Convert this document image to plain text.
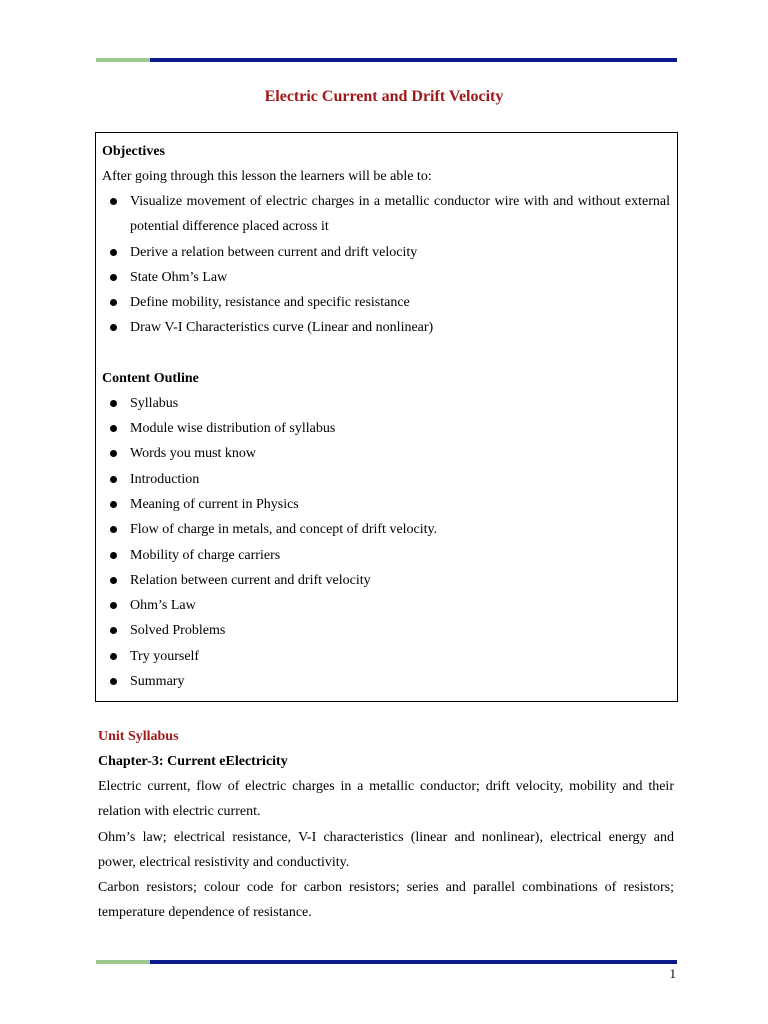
Electric Current and Drift Velocity
Objectives
After going through this lesson the learners will be able to:
Visualize movement of electric charges in a metallic conductor wire with and without external potential difference placed across it
Derive a relation between current and drift velocity
State Ohm’s Law
Define mobility, resistance and specific resistance
Draw V-I Characteristics curve (Linear and nonlinear)
Content Outline
Syllabus
Module wise distribution of syllabus
Words you must know
Introduction
Meaning of current in Physics
Flow of charge in metals, and concept of drift velocity.
Mobility of charge carriers
Relation between current and drift velocity
Ohm’s Law
Solved Problems
Try yourself
Summary
Unit Syllabus
Chapter-3: Current eElectricity

Electric current, flow of electric charges in a metallic conductor; drift velocity, mobility and their relation with electric current.

Ohm’s law; electrical resistance, V-I characteristics (linear and nonlinear), electrical energy and power, electrical resistivity and conductivity.

Carbon resistors; colour code for carbon resistors; series and parallel combinations of resistors; temperature dependence of resistance.

1
